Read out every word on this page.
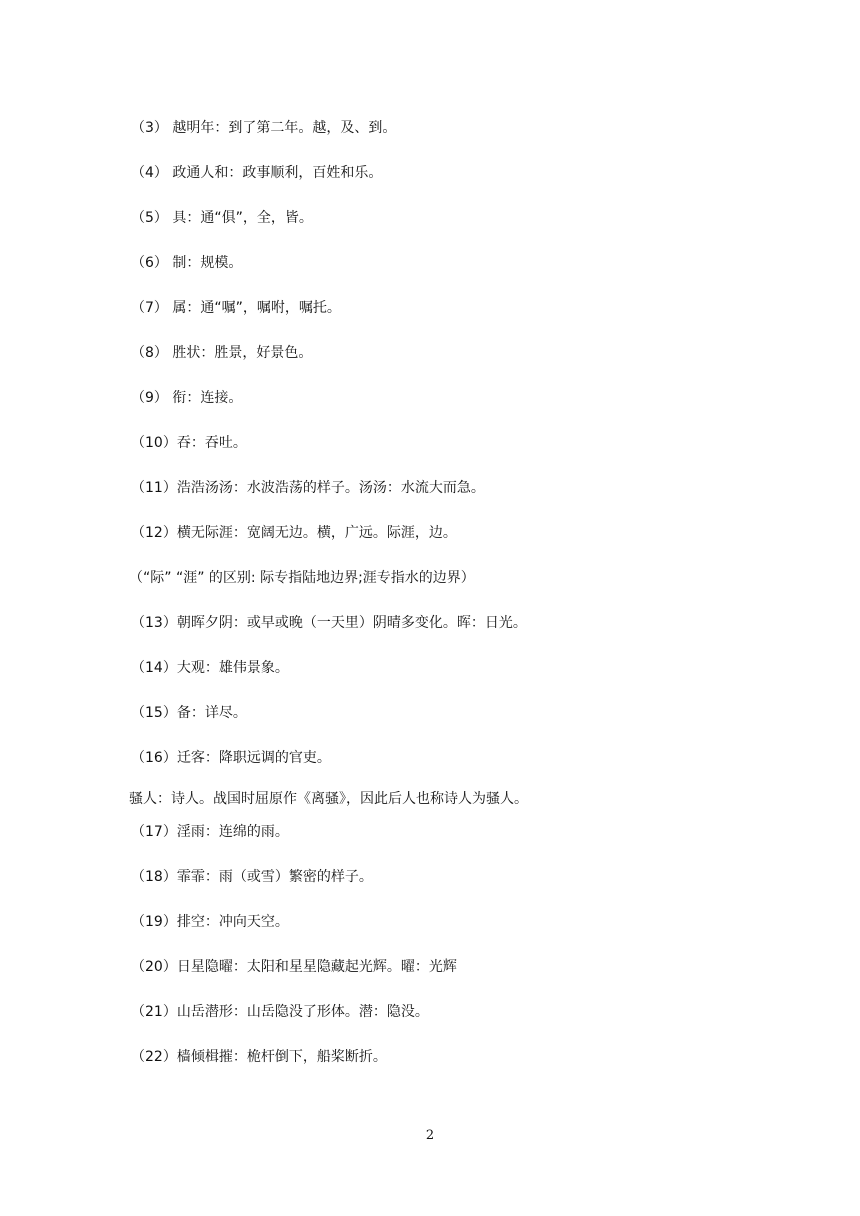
（3） 越明年：到了第二年。越，及、到。
（4） 政通人和：政事顺利，百姓和乐。
（5） 具：通“俱”，全，皆。
（6） 制：规模。
（7） 属：通“嘱”，嘱咐，嘱托。
（8） 胜状：胜景，好景色。
（9） 衔：连接。
（10）吞：吞吐。
（11）浩浩汤汤：水波浩荡的样子。汤汤：水流大而急。
（12）横无际涯：宽阔无边。横，广远。际涯，边。
（“际” “涯” 的区别: 际专指陆地边界;涯专指水的边界）
（13）朝晖夕阴：或早或晚（一天里）阴晴多变化。晖：日光。
（14）大观：雄伟景象。
（15）备：详尽。
（16）迁客：降职远调的官吏。
骚人：诗人。战国时屈原作《离骚》，因此后人也称诗人为骚人。
（17）淫雨：连绵的雨。
（18）霏霏：雨（或雪）繁密的样子。
（19）排空：冲向天空。
（20）日星隐曜：太阳和星星隐藏起光辉。曜：光辉
（21）山岳潜形：山岳隐没了形体。潜：隐没。
（22）樯倾楫摧：桅杆倒下，船桨断折。
2
